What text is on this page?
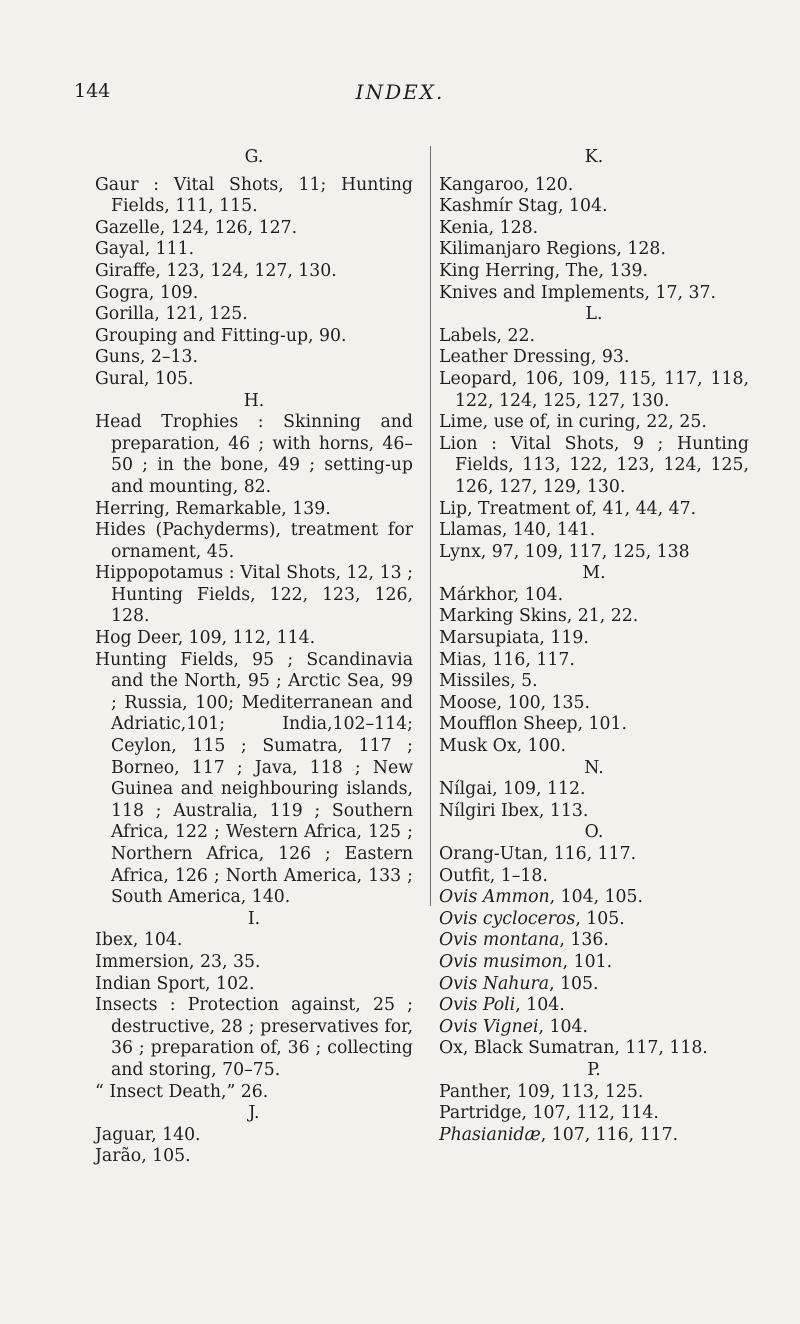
144	INDEX.

G.

Gaur : Vital Shots, 11; Hunting Fields, 111, 115.

Gazelle, 124, 126, 127.

Gayal, 111.

Giraffe, 123, 124, 127, 130.

Gogra, 109.

Gorilla, 121, 125.

Grouping and Fitting-up, 90.

Guns, 2–13.

Gural, 105.

H.

Head Trophies : Skinning and preparation, 46 ; with horns, 46–50 ; in the bone, 49 ; setting-up and mounting, 82.

Herring, Remarkable, 139.

Hides (Pachyderms), treatment for ornament, 45.

Hippopotamus : Vital Shots, 12, 13 ; Hunting Fields, 122, 123, 126, 128.

Hog Deer, 109, 112, 114.

Hunting Fields, 95 ; Scandinavia and the North, 95 ; Arctic Sea, 99 ; Russia, 100; Mediterranean and Adriatic,101; India,102–114; Ceylon, 115 ; Sumatra, 117 ; Borneo, 117 ; Java, 118 ; New Guinea and neighbouring islands, 118 ; Australia, 119 ; Southern Africa, 122 ; Western Africa, 125 ; Northern Africa, 126 ; Eastern Africa, 126 ; North America, 133 ; South America, 140.

I.

Ibex, 104.

Immersion, 23, 35.

Indian Sport, 102.

Insects : Protection against, 25 ; destructive, 28 ; preservatives for, 36 ; preparation of, 36 ; collecting and storing, 70–75.

“ Insect Death,” 26.

J.

Jaguar, 140.

Jarão, 105.

K.

Kangaroo, 120.

Kashmír Stag, 104.

Kenia, 128.

Kilimanjaro Regions, 128.

King Herring, The, 139.

Knives and Implements, 17, 37.

L.

Labels, 22.

Leather Dressing, 93.

Leopard, 106, 109, 115, 117, 118, 122, 124, 125, 127, 130.

Lime, use of, in curing, 22, 25.

Lion : Vital Shots, 9 ; Hunting Fields, 113, 122, 123, 124, 125, 126, 127, 129, 130.

Lip, Treatment of, 41, 44, 47.

Llamas, 140, 141.

Lynx, 97, 109, 117, 125, 138

M.

Márkhor, 104.

Marking Skins, 21, 22.

Marsupiata, 119.

Mias, 116, 117.

Missiles, 5.

Moose, 100, 135.

Moufflon Sheep, 101.

Musk Ox, 100.

N.

Nílgai, 109, 112.

Nílgiri Ibex, 113.

O.

Orang-Utan, 116, 117.

Outfit, 1–18.

Ovis Ammon, 104, 105.

Ovis cycloceros, 105.

Ovis montana, 136.

Ovis musimon, 101.

Ovis Nahura, 105.

Ovis Poli, 104.

Ovis Vignei, 104.

Ox, Black Sumatran, 117, 118.

P.

Panther, 109, 113, 125.

Partridge, 107, 112, 114.

Phasianidæ, 107, 116, 117.
